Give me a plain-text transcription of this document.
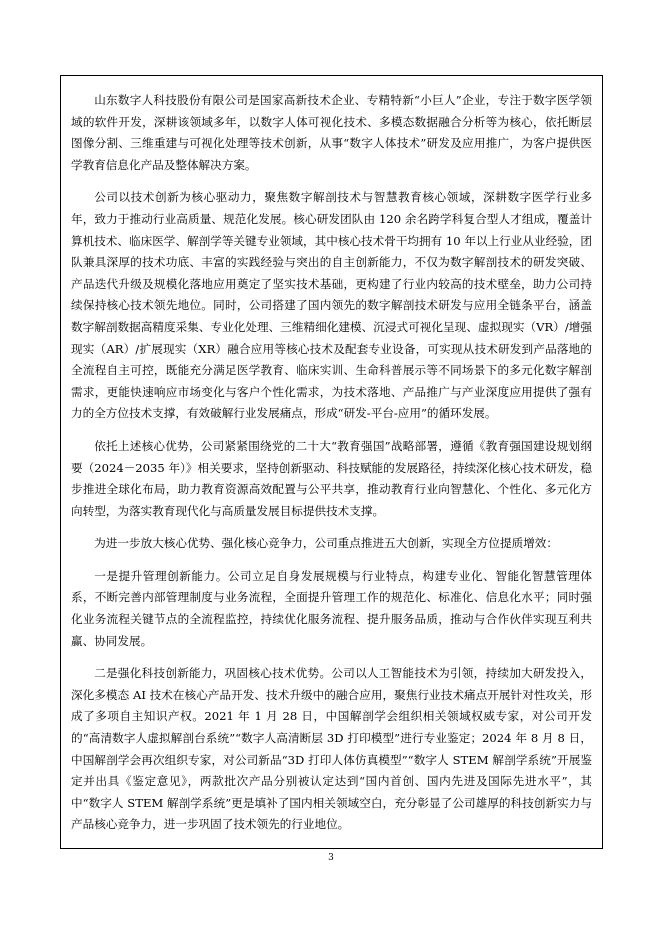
山东数字人科技股份有限公司是国家高新技术企业、专精特新“小巨人”企业，专注于数字医学领域的软件开发，深耕该领域多年，以数字人体可视化技术、多模态数据融合分析等为核心，依托断层图像分割、三维重建与可视化处理等技术创新，从事“数字人体技术”研发及应用推广，为客户提供医学教育信息化产品及整体解决方案。

公司以技术创新为核心驱动力，聚焦数字解剖技术与智慧教育核心领域，深耕数字医学行业多年，致力于推动行业高质量、规范化发展。核心研发团队由 120 余名跨学科复合型人才组成，覆盖计算机技术、临床医学、解剖学等关键专业领域，其中核心技术骨干均拥有 10 年以上行业从业经验，团队兼具深厚的技术功底、丰富的实践经验与突出的自主创新能力，不仅为数字解剖技术的研发突破、产品迭代升级及规模化落地应用奠定了坚实技术基础，更构建了行业内较高的技术壁垒，助力公司持续保持核心技术领先地位。同时，公司搭建了国内领先的数字解剖技术研发与应用全链条平台，涵盖数字解剖数据高精度采集、专业化处理、三维精细化建模、沉浸式可视化呈现、虚拟现实（VR）/增强现实（AR）/扩展现实（XR）融合应用等核心技术及配套专业设备，可实现从技术研发到产品落地的全流程自主可控，既能充分满足医学教育、临床实训、生命科普展示等不同场景下的多元化数字解剖需求，更能快速响应市场变化与客户个性化需求，为技术落地、产品推广与产业深度应用提供了强有力的全方位技术支撑，有效破解行业发展痛点，形成“研发-平台-应用”的循环发展。

依托上述核心优势，公司紧紧围绕党的二十大“教育强国”战略部署，遵循《教育强国建设规划纲要（2024－2035 年）》相关要求，坚持创新驱动、科技赋能的发展路径，持续深化核心技术研发，稳步推进全球化布局，助力教育资源高效配置与公平共享，推动教育行业向智慧化、个性化、多元化方向转型，为落实教育现代化与高质量发展目标提供技术支撑。

为进一步放大核心优势、强化核心竞争力，公司重点推进五大创新，实现全方位提质增效：

一是提升管理创新能力。公司立足自身发展规模与行业特点，构建专业化、智能化智慧管理体系，不断完善内部管理制度与业务流程，全面提升管理工作的规范化、标准化、信息化水平；同时强化业务流程关键节点的全流程监控，持续优化服务流程、提升服务品质，推动与合作伙伴实现互利共赢、协同发展。

二是强化科技创新能力，巩固核心技术优势。公司以人工智能技术为引领，持续加大研发投入，深化多模态 AI 技术在核心产品开发、技术升级中的融合应用，聚焦行业技术痛点开展针对性攻关，形成了多项自主知识产权。2021 年 1 月 28 日，中国解剖学会组织相关领域权威专家，对公司开发的“高清数字人虚拟解剖台系统”“数字人高清断层 3D 打印模型”进行专业鉴定；2024 年 8 月 8 日，中国解剖学会再次组织专家，对公司新品“3D 打印人体仿真模型”“数字人 STEM 解剖学系统”开展鉴定并出具《鉴定意见》，两款批次产品分别被认定达到“国内首创、国内先进及国际先进水平”，其中“数字人 STEM 解剖学系统”更是填补了国内相关领域空白，充分彰显了公司雄厚的科技创新实力与产品核心竞争力，进一步巩固了技术领先的行业地位。

3
